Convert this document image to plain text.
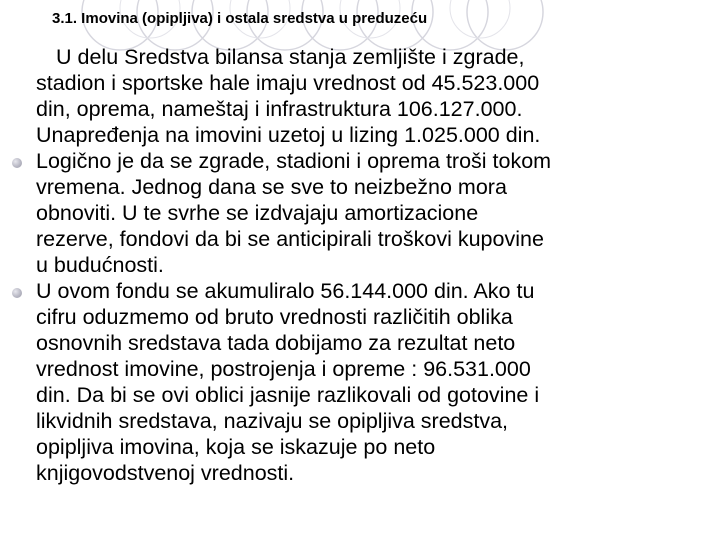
3.1. Imovina (opipljiva) i ostala sredstva u preduzeću
U delu Sredstva bilansa stanja zemljište i zgrade,
stadion i sportske hale imaju vrednost od 45.523.000
din, oprema, nameštaj i infrastruktura 106.127.000.
Unapređenja na imovini uzetoj u lizing 1.025.000 din.
Logično je da se zgrade, stadioni i oprema troši tokom
vremena. Jednog dana se sve to neizbežno mora
obnoviti. U te svrhe se izdvajaju amortizacione
rezerve, fondovi da bi se anticipirali troškovi kupovine
u budućnosti.
U ovom fondu se akumuliralo 56.144.000 din. Ako tu
cifru oduzmemo od bruto vrednosti različitih oblika
osnovnih sredstava tada dobijamo za rezultat neto
vrednost imovine, postrojenja i opreme : 96.531.000
din. Da bi se ovi oblici jasnije razlikovali od gotovine i
likvidnih sredstava, nazivaju se opipljiva sredstva,
opipljiva imovina, koja se iskazuje po neto
knjigovodstvenoj vrednosti.
